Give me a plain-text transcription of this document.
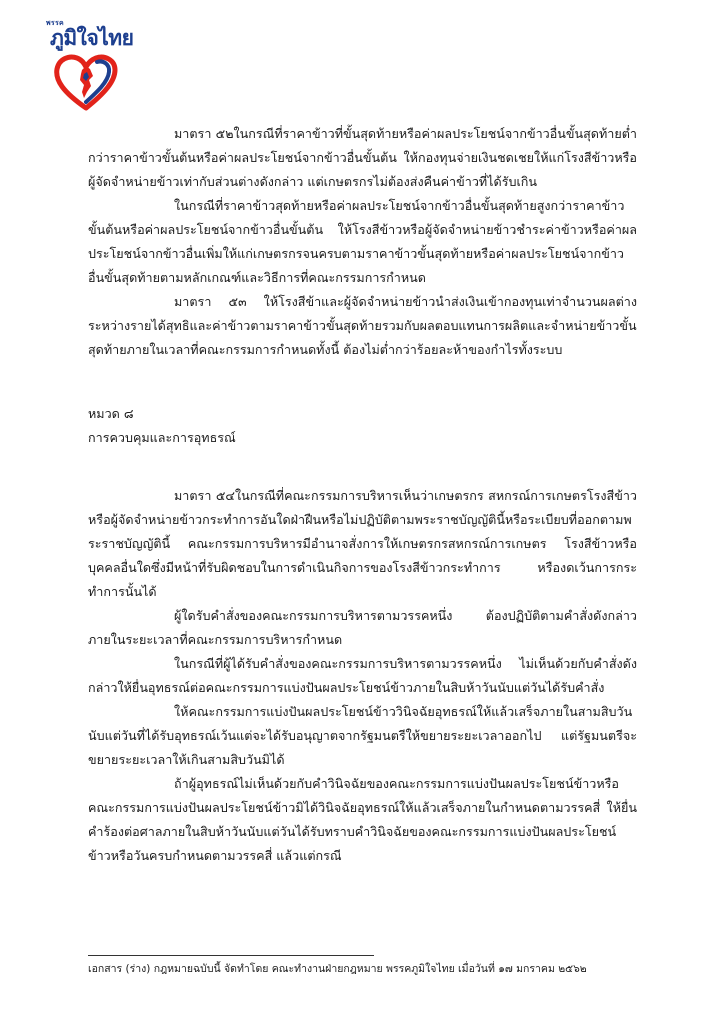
พรรค
ภูมิใจไทย

มาตรา ๕๒ในกรณีที่ราคาข้าวที่ขั้นสุดท้ายหรือค่าผลประโยชน์จากข้าวอื่นขั้นสุดท้ายต่ำกว่าราคาข้าวขั้นต้นหรือค่าผลประโยชน์จากข้าวอื่นขั้นต้น ให้กองทุนจ่ายเงินชดเชยให้แก่โรงสีข้าวหรือผู้จัดจำหน่ายข้าวเท่ากับส่วนต่างดังกล่าว แต่เกษตรกรไม่ต้องส่งคืนค่าข้าวที่ได้รับเกิน

ในกรณีที่ราคาข้าวสุดท้ายหรือค่าผลประโยชน์จากข้าวอื่นขั้นสุดท้ายสูงกว่าราคาข้าวขั้นต้นหรือค่าผลประโยชน์จากข้าวอื่นขั้นต้น ให้โรงสีข้าวหรือผู้จัดจำหน่ายข้าวชำระค่าข้าวหรือค่าผลประโยชน์จากข้าวอื่นเพิ่มให้แก่เกษตรกรจนครบตามราคาข้าวขั้นสุดท้ายหรือค่าผลประโยชน์จากข้าวอื่นขั้นสุดท้ายตามหลักเกณฑ์และวิธีการที่คณะกรรมการกำหนด

มาตรา ๕๓ ให้โรงสีข้าและผู้จัดจำหน่ายข้าวนำส่งเงินเข้ากองทุนเท่าจำนวนผลต่างระหว่างรายได้สุทธิและค่าข้าวตามราคาข้าวขั้นสุดท้ายรวมกับผลตอบแทนการผลิตและจำหน่ายข้าวขั้นสุดท้ายภายในเวลาที่คณะกรรมการกำหนดทั้งนี้ ต้องไม่ต่ำกว่าร้อยละห้าของกำไรทั้งระบบ

หมวด ๘

การควบคุมและการอุทธรณ์

มาตรา ๕๔ในกรณีที่คณะกรรมการบริหารเห็นว่าเกษตรกร สหกรณ์การเกษตรโรงสีข้าวหรือผู้จัดจำหน่ายข้าวกระทำการอันใดฝ่าฝืนหรือไม่ปฏิบัติตามพระราชบัญญัตินี้หรือระเบียบที่ออกตามพระราชบัญญัตินี้ คณะกรรมการบริหารมีอำนาจสั่งการให้เกษตรกรสหกรณ์การเกษตร โรงสีข้าวหรือบุคคลอื่นใดซึ่งมีหน้าที่รับผิดชอบในการดำเนินกิจการของโรงสีข้าวกระทำการ หรืองดเว้นการกระทำการนั้นได้

ผู้ใดรับคำสั่งของคณะกรรมการบริหารตามวรรคหนึ่ง ต้องปฏิบัติตามคำสั่งดังกล่าวภายในระยะเวลาที่คณะกรรมการบริหารกำหนด

ในกรณีที่ผู้ได้รับคำสั่งของคณะกรรมการบริหารตามวรรคหนึ่ง ไม่เห็นด้วยกับคำสั่งดังกล่าวให้ยื่นอุทธรณ์ต่อคณะกรรมการแบ่งปันผลประโยชน์ข้าวภายในสิบห้าวันนับแต่วันได้รับคำสั่ง

ให้คณะกรรมการแบ่งปันผลประโยชน์ข้าววินิจฉัยอุทธรณ์ให้แล้วเสร็จภายในสามสิบวันนับแต่วันที่ได้รับอุทธรณ์เว้นแต่จะได้รับอนุญาตจากรัฐมนตรีให้ขยายระยะเวลาออกไป แต่รัฐมนตรีจะขยายระยะเวลาให้เกินสามสิบวันมิได้

ถ้าผู้อุทธรณ์ไม่เห็นด้วยกับคำวินิจฉัยของคณะกรรมการแบ่งปันผลประโยชน์ข้าวหรือคณะกรรมการแบ่งปันผลประโยชน์ข้าวมิได้วินิจฉัยอุทธรณ์ให้แล้วเสร็จภายในกำหนดตามวรรคสี่ ให้ยื่นคำร้องต่อศาลภายในสิบห้าวันนับแต่วันได้รับทราบคำวินิจฉัยของคณะกรรมการแบ่งปันผลประโยชน์ข้าวหรือวันครบกำหนดตามวรรคสี่ แล้วแต่กรณี

เอกสาร (ร่าง) กฎหมายฉบับนี้ จัดทำโดย คณะทำงานฝ่ายกฎหมาย พรรคภูมิใจไทย เมื่อวันที่ ๑๗ มกราคม ๒๕๖๒
